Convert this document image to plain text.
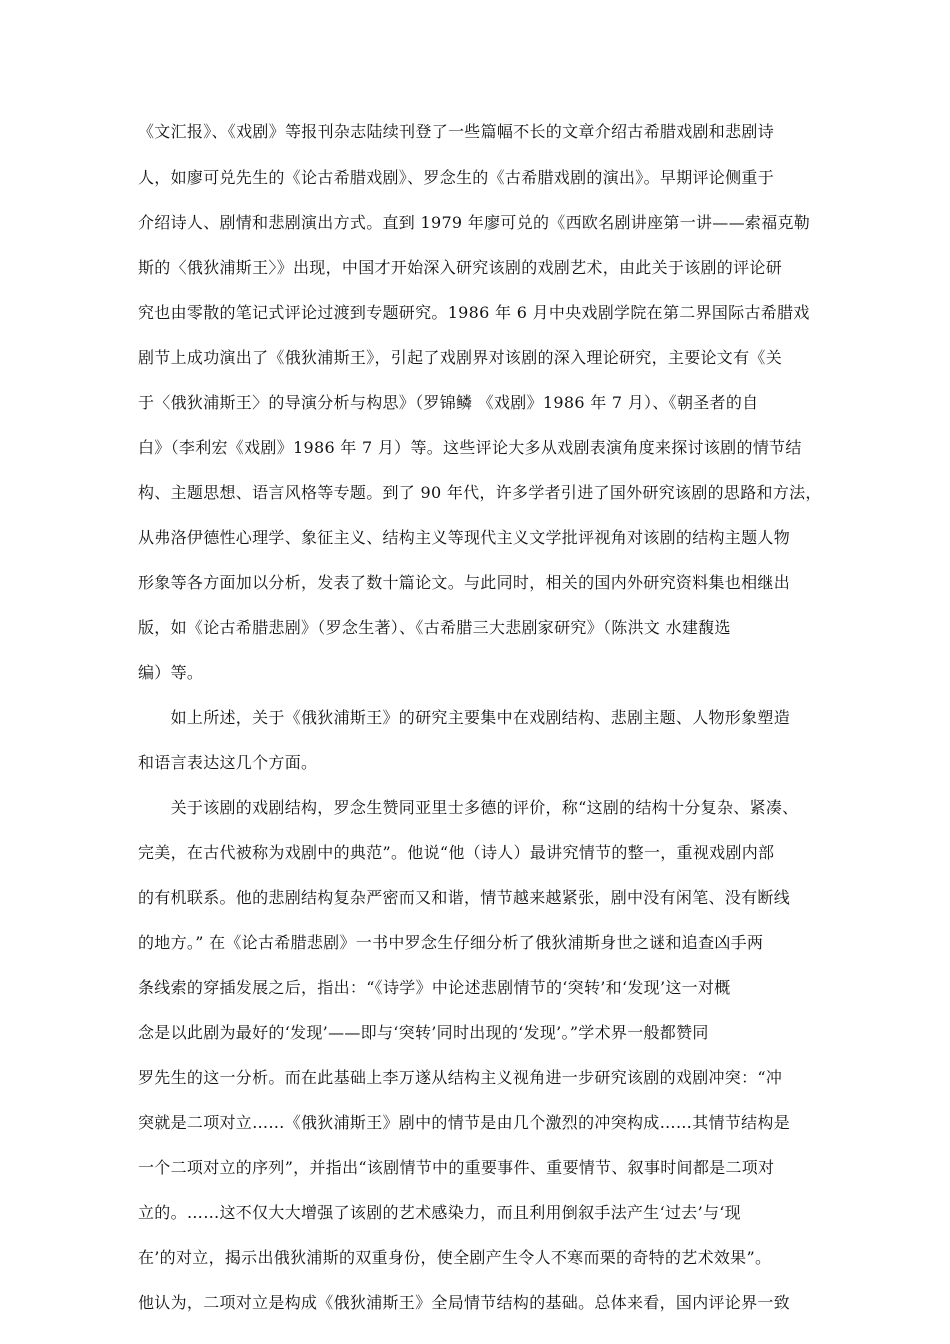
《文汇报》、《戏剧》等报刊杂志陆续刊登了一些篇幅不长的文章介绍古希腊戏剧和悲剧诗
人，如廖可兑先生的《论古希腊戏剧》、罗念生的《古希腊戏剧的演出》。早期评论侧重于
介绍诗人、剧情和悲剧演出方式。直到 1979 年廖可兑的《西欧名剧讲座第一讲——索福克勒
斯的〈俄狄浦斯王〉》出现，中国才开始深入研究该剧的戏剧艺术，由此关于该剧的评论研
究也由零散的笔记式评论过渡到专题研究。1986 年 6 月中央戏剧学院在第二界国际古希腊戏
剧节上成功演出了《俄狄浦斯王》，引起了戏剧界对该剧的深入理论研究，主要论文有《关
于〈俄狄浦斯王〉的导演分析与构思》（罗锦鳞 《戏剧》1986 年 7 月）、《朝圣者的自
白》（李利宏《戏剧》1986 年 7 月）等。这些评论大多从戏剧表演角度来探讨该剧的情节结
构、主题思想、语言风格等专题。到了 90 年代，许多学者引进了国外研究该剧的思路和方法，
从弗洛伊德性心理学、象征主义、结构主义等现代主义文学批评视角对该剧的结构主题人物
形象等各方面加以分析，发表了数十篇论文。与此同时，相关的国内外研究资料集也相继出
版，如《论古希腊悲剧》（罗念生著）、《古希腊三大悲剧家研究》（陈洪文 水建馥选
编）等。
　　如上所述，关于《俄狄浦斯王》的研究主要集中在戏剧结构、悲剧主题、人物形象塑造
和语言表达这几个方面。
　　关于该剧的戏剧结构，罗念生赞同亚里士多德的评价，称“这剧的结构十分复杂、紧凑、
完美，在古代被称为戏剧中的典范”。他说“他（诗人）最讲究情节的整一，重视戏剧内部
的有机联系。他的悲剧结构复杂严密而又和谐，情节越来越紧张，剧中没有闲笔、没有断线
的地方。” 在《论古希腊悲剧》一书中罗念生仔细分析了俄狄浦斯身世之谜和追查凶手两
条线索的穿插发展之后，指出：“《诗学》中论述悲剧情节的‘突转’和‘发现’这一对概
念是以此剧为最好的‘发现’——即与‘突转’同时出现的‘发现’。”学术界一般都赞同
罗先生的这一分析。而在此基础上李万遂从结构主义视角进一步研究该剧的戏剧冲突：“冲
突就是二项对立……《俄狄浦斯王》剧中的情节是由几个激烈的冲突构成……其情节结构是
一个二项对立的序列”，并指出“该剧情节中的重要事件、重要情节、叙事时间都是二项对
立的。……这不仅大大增强了该剧的艺术感染力，而且利用倒叙手法产生‘过去’与‘现
在’的对立，揭示出俄狄浦斯的双重身份，使全剧产生令人不寒而栗的奇特的艺术效果”。
他认为，二项对立是构成《俄狄浦斯王》全局情节结构的基础。总体来看，国内评论界一致
